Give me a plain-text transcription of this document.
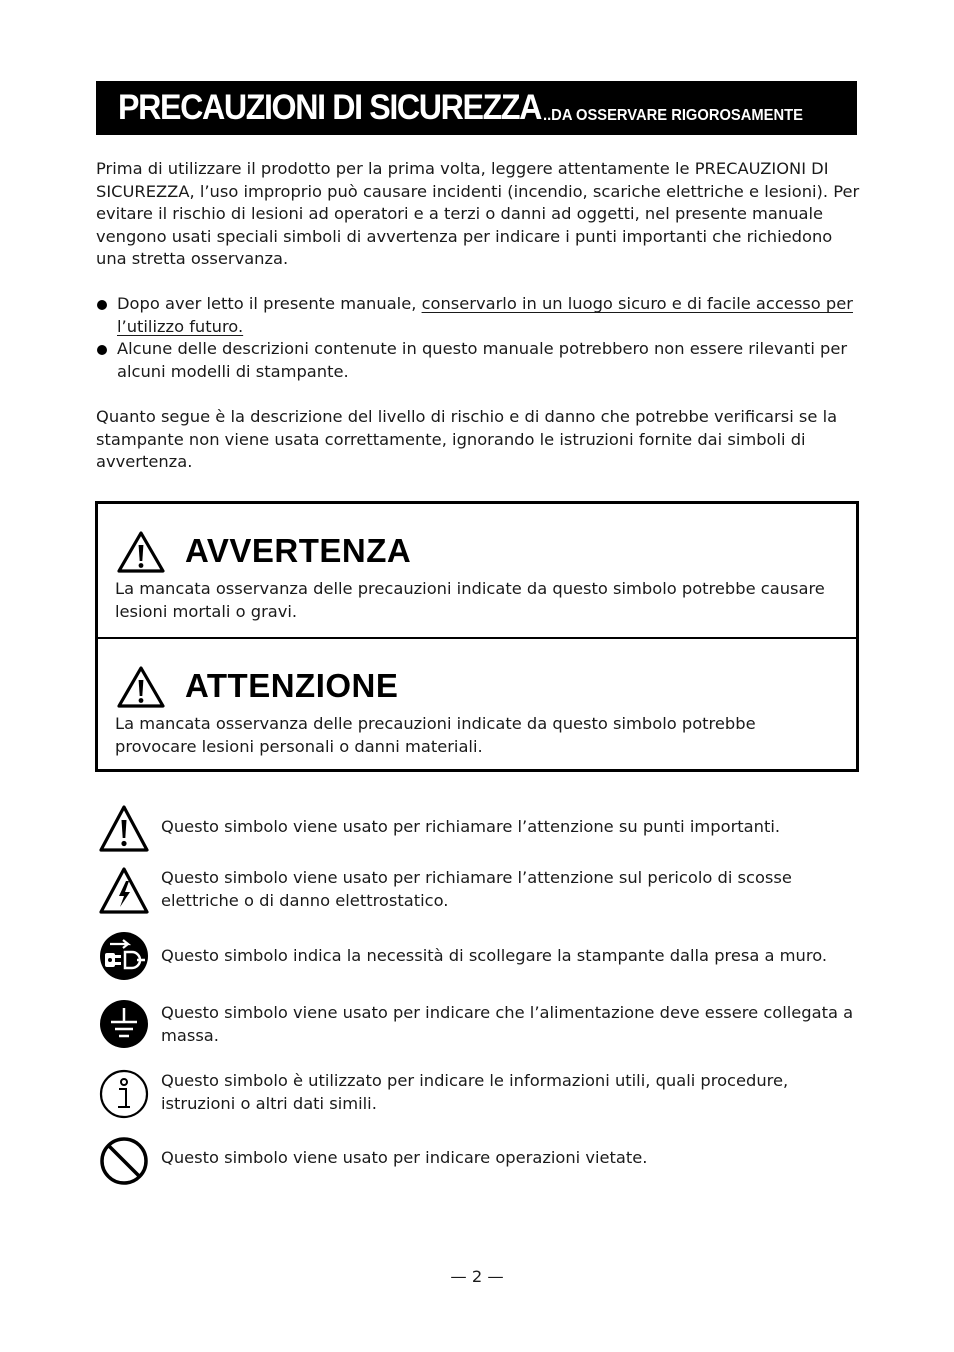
PRECAUZIONI DI SICUREZZA ..DA OSSERVARE RIGOROSAMENTE

Prima di utilizzare il prodotto per la prima volta, leggere attentamente le PRECAUZIONI DI SICUREZZA, l’uso improprio può causare incidenti (incendio, scariche elettriche e lesioni). Per evitare il rischio di lesioni ad operatori e a terzi o danni ad oggetti, nel presente manuale vengono usati speciali simboli di avvertenza per indicare i punti importanti che richiedono una stretta osservanza.

Dopo aver letto il presente manuale, conservarlo in un luogo sicuro e di facile accesso per l’utilizzo futuro.
Alcune delle descrizioni contenute in questo manuale potrebbero non essere rilevanti per alcuni modelli di stampante.

Quanto segue è la descrizione del livello di rischio e di danno che potrebbe verificarsi se la stampante non viene usata correttamente, ignorando le istruzioni fornite dai simboli di avvertenza.

AVVERTENZA
La mancata osservanza delle precauzioni indicate da questo simbolo potrebbe causare lesioni mortali o gravi.
ATTENZIONE
La mancata osservanza delle precauzioni indicate da questo simbolo potrebbe provocare lesioni personali o danni materiali.
Questo simbolo viene usato per richiamare l’attenzione su punti importanti.
Questo simbolo viene usato per richiamare l’attenzione sul pericolo di scosse elettriche o di danno elettrostatico.
Questo simbolo indica la necessità di scollegare la stampante dalla presa a muro.
Questo simbolo viene usato per indicare che l’alimentazione deve essere collegata a massa.
Questo simbolo è utilizzato per indicare le informazioni utili, quali procedure, istruzioni o altri dati simili.
Questo simbolo viene usato per indicare operazioni vietate.
— 2 —
